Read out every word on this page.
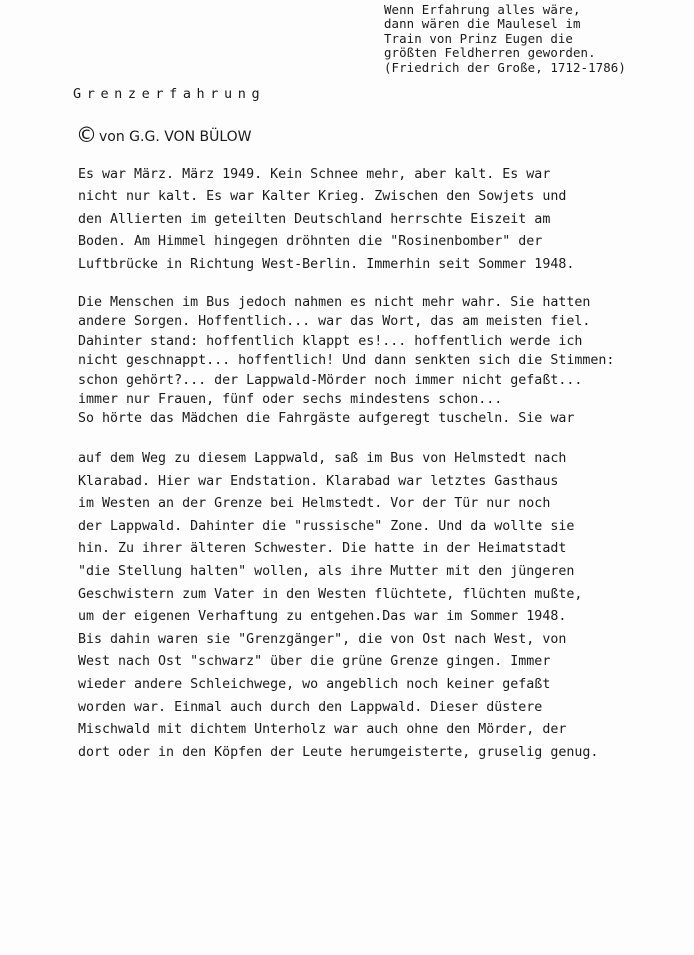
Wenn Erfahrung alles wäre,
dann wären die Maulesel im
Train von Prinz Eugen die
größten Feldherren geworden.
(Friedrich der Große, 1712-1786)
Grenzerfahrung
© von G.G. VON BÜLOW
Es war März. März 1949. Kein Schnee mehr, aber kalt. Es war
nicht nur kalt. Es war Kalter Krieg. Zwischen den Sowjets und
den Allierten im geteilten Deutschland herrschte Eiszeit am
Boden. Am Himmel hingegen dröhnten die "Rosinenbomber" der
Luftbrücke in Richtung West-Berlin. Immerhin seit Sommer 1948.
Die Menschen im Bus jedoch nahmen es nicht mehr wahr. Sie hatten
andere Sorgen. Hoffentlich... war das Wort, das am meisten fiel.
Dahinter stand: hoffentlich klappt es!... hoffentlich werde ich
nicht geschnappt... hoffentlich! Und dann senkten sich die Stimmen:
schon gehört?... der Lappwald-Mörder noch immer nicht gefaßt...
immer nur Frauen, fünf oder sechs mindestens schon...
So hörte das Mädchen die Fahrgäste aufgeregt tuscheln. Sie war
auf dem Weg zu diesem Lappwald, saß im Bus von Helmstedt nach
Klarabad. Hier war Endstation. Klarabad war letztes Gasthaus
im Westen an der Grenze bei Helmstedt. Vor der Tür nur noch
der Lappwald. Dahinter die "russische" Zone. Und da wollte sie
hin. Zu ihrer älteren Schwester. Die hatte in der Heimatstadt
"die Stellung halten" wollen, als ihre Mutter mit den jüngeren
Geschwistern zum Vater in den Westen flüchtete, flüchten mußte,
um der eigenen Verhaftung zu entgehen.Das war im Sommer 1948.
Bis dahin waren sie "Grenzgänger", die von Ost nach West, von
West nach Ost "schwarz" über die grüne Grenze gingen. Immer
wieder andere Schleichwege, wo angeblich noch keiner gefaßt
worden war. Einmal auch durch den Lappwald. Dieser düstere
Mischwald mit dichtem Unterholz war auch ohne den Mörder, der
dort oder in den Köpfen der Leute herumgeisterte, gruselig genug.
